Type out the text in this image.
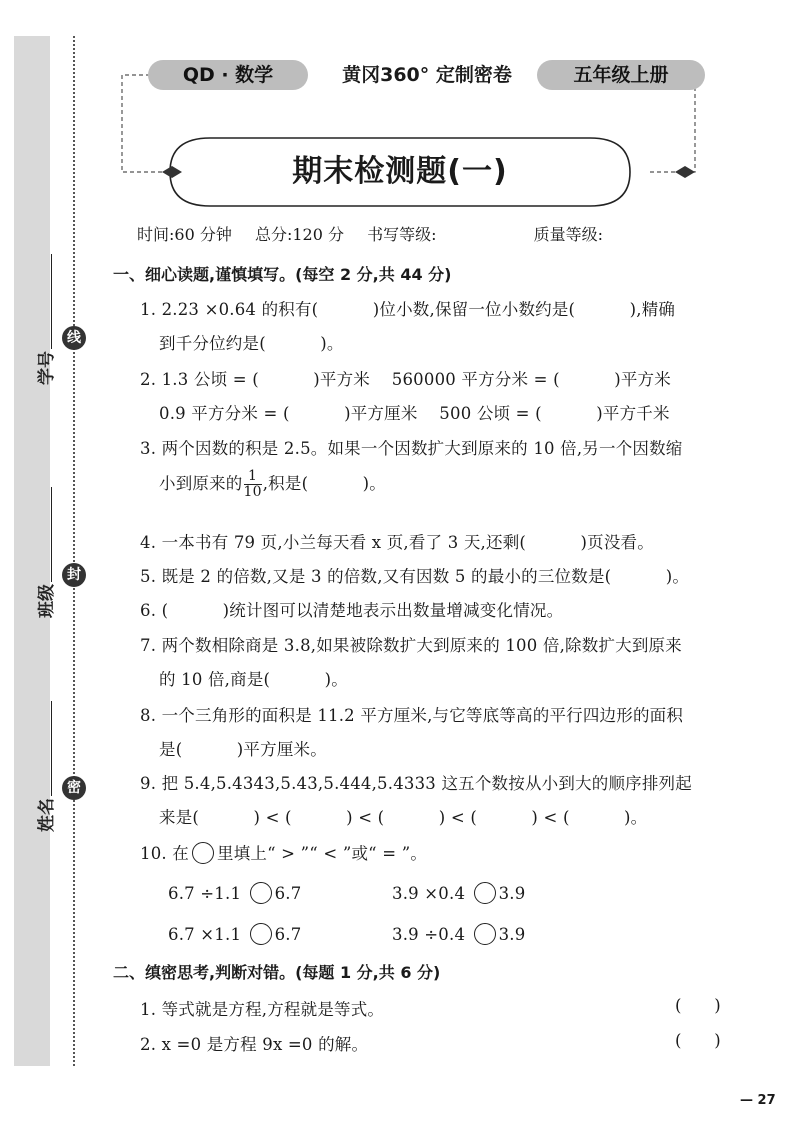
线
封
密
学号
班级
姓名
QD · 数学	黄冈360° 定制密卷	五年级上册
期末检测题(一)
时间:60 分钟 总分:120 分 书写等级:	质量等级:
一、细心读题,谨慎填写。(每空 2 分,共 44 分)
1. 2.23 ×0.64 的积有(          )位小数,保留一位小数约是(          ),精确
到千分位约是(          )。
2. 1.3 公顷 = (          )平方米    560000 平方分米 = (          )平方米
0.9 平方分米 = (          )平方厘米    500 公顷 = (          )平方千米
3. 两个因数的积是 2.5。如果一个因数扩大到原来的 10 倍,另一个因数缩
小到原来的 $\frac{1}{10}$ ,积是(          )。
4. 一本书有 79 页,小兰每天看 x 页,看了 3 天,还剩(          )页没看。
5. 既是 2 的倍数,又是 3 的倍数,又有因数 5 的最小的三位数是(          )。
6. (          )统计图可以清楚地表示出数量增减变化情况。
7. 两个数相除商是 3.8,如果被除数扩大到原来的 100 倍,除数扩大到原来
的 10 倍,商是(          )。
8. 一个三角形的面积是 11.2 平方厘米,与它等底等高的平行四边形的面积
是(          )平方厘米。
9. 把 5.4,5.4343,5.43,5.444,5.4333 这五个数按从小到大的顺序排列起
来是(          ) < (          ) < (          ) < (          ) < (          )。
10. 在 里填上“ > ”“ < ”或“ = ”。
6.7 ÷1.1 6.7	3.9 ×0.4 3.9
6.7 ×1.1 6.7	3.9 ÷0.4 3.9
二、缜密思考,判断对错。(每题 1 分,共 6 分)
1. 等式就是方程,方程就是等式。	(      )
2. x =0 是方程 9x =0 的解。	(      )
— 27
